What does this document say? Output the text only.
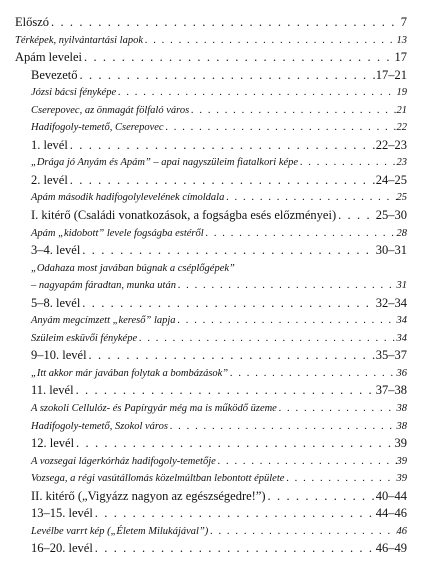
Előszó . . .	7
Térképek, nyilvántartási lapok . . .	13
Apám levelei . . .	17
Bevezető . . .	17–21
Józsi bácsi fényképe . . .	19
Cserepovec, az önmagát fölfaló város . . .	21
Hadifogoly-temető, Cserepovec . . .	22
1. levél . . .	22–23
„Drága jó Anyám és Apám” – apai nagyszüleim fiatalkori képe . . .	23
2. levél . . .	24–25
Apám második hadifogolylevelének címoldala . . .	25
I. kitérő (Családi vonatkozások, a fogságba esés előzményei) . . .	25–30
Apám „kidobott” levele fogságba estéről . . .	28
3–4. levél . . .	30–31
„Odahaza most javában búgnak a cséplőgépek”
– nagyapám fáradtan, munka után . . .	31
5–8. levél . . .	32–34
Anyám megcímzett „kereső” lapja . . .	34
Szüleim esküvői fényképe . . .	34
9–10. levél . . .	35–37
„Itt akkor már javában folytak a bombázások” . . .	36
11. levél . . .	37–38
A szokoli Cellulóz- és Papírgyár még ma is működő üzeme . . .	38
Hadifogoly-temető, Szokol város . . .	38
12. levél . . .	39
A vozsegai lágerkórház hadifogoly-temetője . . .	39
Vozsega, a régi vasútállomás közelmúltban lebontott épülete . . .	39
II. kitérő („Vigyázz nagyon az egészségedre!”) . . .	40–44
13–15. levél . . .	44–46
Levélbe varrt kép („Életem Milukájával”) . . .	46
16–20. levél . . .	46–49
